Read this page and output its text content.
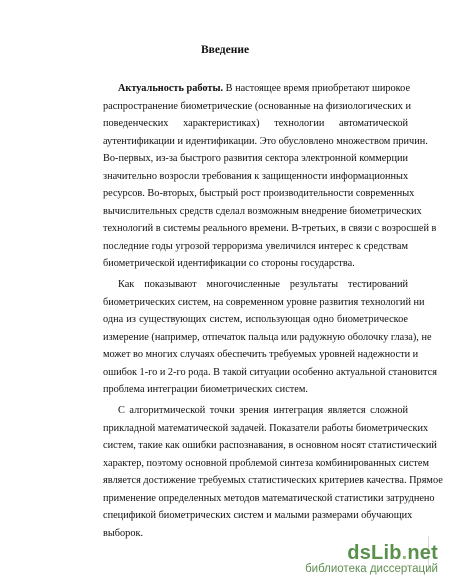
Введение
Актуальность работы. В настоящее время приобретают широкое
распространение биометрические (основанные на физиологических и
поведенческих характеристиках) технологии автоматической
аутентификации и идентификации. Это обусловлено множеством причин.
Во-первых, из-за быстрого развития сектора электронной коммерции
значительно возросли требования к защищенности информационных
ресурсов. Во-вторых, быстрый рост производительности современных
вычислительных средств сделал возможным внедрение биометрических
технологий в системы реального времени. В-третьих, в связи с возросшей в
последние годы угрозой терроризма увеличился интерес к средствам
биометрической идентификации со стороны государства.
Как показывают многочисленные результаты тестирований
биометрических систем, на современном уровне развития технологий ни
одна из существующих систем, использующая одно биометрическое
измерение (например, отпечаток пальца или радужную оболочку глаза), не
может во многих случаях обеспечить требуемых уровней надежности и
ошибок 1-го и 2-го рода. В такой ситуации особенно актуальной становится
проблема интеграции биометрических систем.
С алгоритмической точки зрения интеграция является сложной
прикладной математической задачей. Показатели работы биометрических
систем, такие как ошибки распознавания, в основном носят статистический
характер, поэтому основной проблемой синтеза комбинированных систем
является достижение требуемых статистических критериев качества. Прямое
применение определенных методов математической статистики затруднено
спецификой биометрических систем и малыми размерами обучающих
выборок.
dsLib.net
библиотека диссертаций
